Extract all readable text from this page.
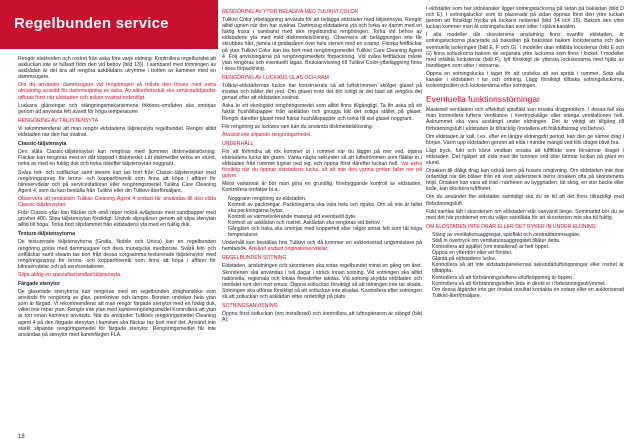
Regelbunden service

Rengör elektroden och rostret från aska före varje eldning. Kontrollera regelbundet att askluckan inte är fullsatt (töm den vid behov (bild 13)). I samband med tömningen av askbådan är det bra att rengöra askbådans utrymme i botten av kaminen med en dammsugare.

Om du använder dammsugare vid rengöringen så måste den förses med extra utrustning avsedd för dammsugning av aska. Av säkerhetsskäl ska servicesådgärder utföras först när eldstaden och askan svalnat ordentligt.

Luckans glänsingar och stängningsmekanismens friktions-områden ska smörjas genom att använda fett avsett för höga temperaturer.

RENGÖRING AV TÄLJSTENSYTA

Vi rekommenderar att man rengör eldstadens täljstensyta regelbundet. Rengör alltid eldstaden när den har svalnat.

Classic-täljstensyta

Den släta Classic-täljstensytan kan rengöras med ljummen diskmedelslösning. Fläckar kan rengöras med en dåt doppad i diskmedel. Låt diskmedlet verka en stund, torka av med en fuktig duk och torka därefter täljstensytan noggrant.

Svåra fett- och sotfläckar samt stearin kan tas bort från Classic-täljstensytan med rengöringsspray för brons- och kopparföremål som finns att köpa i affärer för bilreservdelar och på servicestationer eller rengöringsmedel Tulikivi Care Cleaning Agent 4, som du kan beställa från Tulikivi eller din Tulikivi-återförsäljare.

Observera att produkten Tulikivi Cleaning Agent 4 endast får användas till den släta Classic-täljstensytan.

Från Classic-ytan kan fläckar och små repor också avlägsnas med sandpapper med grovhet 400. Slipa täljstensytan försiktigt. Undvik slipspårser genom att slipa stenytan alltid till höga. Torka bort slipdammet från eldstadens yta med en fuktig duk.

Texture-täljstensytorna

De texturerade täljstensytorna (Grafia, Nobile och Unica) kan en regelbunden rengöring göras med dammsugare och dess munstycke medborste. Svårå fett- och sotfläckar samt stearin tas bort från dessa sorgsamma texturerade täljstensytor med rengöringsspray för brons- och kopparföremål som finns att köpa i affärer för bilreservdelar och på servicestationer.

Slipa aldrig en specialbehandlad täljstensyta.

Färgade stenytor

De glaserade stenytorna kan rengöras med en regelbunden dräghandske som används för rengöring av glas, pennknivar och lampor. Borsten undviker hela ytan som är färgad. Vi rekommenderar att man rengör färgade stenytor med en fuktig duk, vilket inte repar ytan. Rengör inte ytan med kaminrengöringsmedel Kontrollera att ytan är torr innan kaminen används. När du använder Tulikivis rengöringsmedel Cleaning agent 4 på den färgade stenytan i kaminen ska fläckar tas bort med det. Använd inte starkt slipande rengöringsmedel för färgade stenytor. Rengöringsmedlet får inte användas på stenytor med kaminfärgen FLA.

RENGÖRING AV YTOR BELAGDA MED TULIKIVI COLOR

Tulikivi Color ytbeläggning används för att belägga eldstäder med täljstensyta. Rengör alltid ugnen när den har svalnat. Dammsug eldstadens yta och torka av damm med en fuktig trasa i samband med den regelbundna rengöringen. Torka vid behov av eldstadens yta med mild diskmedelslösning. Observera att beläggningen inte får skrubbas hårt, jämna ut gnidspåren över hela stenen med en svamp. Färska fettfläckar på ytan Tulikivi Color kan tas bort med rengöringsmedlet Tulikivi Care Cleaning Agent 4. Följ anvisningarna på rengöringsmedlets förpackning. Vid svåra fettfläckar måste ytan rengöras och eventuellt lagas. Bruksanvisning till Tulikivi Color-ytbeläggning finns i dess förpackning.

RENGÖRING AV LUCKANS GLAS OCH RAM

Tulikivi-eldstädernas luckor har konstruerats så att luftströmmen skölger glaset på insidan och håller det rent. Om glaset trots det blir sotigt är det bäst att rengöra det genast efter att eldstaden svalnat.

Aska är ett ekologiskt rengöringsmedel som alltid finns tillgängligt. Ta fin aska på ett fuktat hushållspapper från asklådan och gnugga lätt det sotiga stället på glaset. Rengör därefter glaset med fuktat hushållspapper och torka till sist glaset noggrant.

För rengöring av luckans ram kan du använda diskmedelslösning.

Använd inte slipande rengöringsmedel.

UNDERHÅLL

För att förhindra att rök kommer ut i rummet när du lägger på mer ved, öppna eldstadens lucka lite grann. Vänta några sekunder så att luftströmmen som fläktar in i eldstaden från rummet lugnar ned sig, och öppna först därefter luckan helt. Var extra försiktig när du öppnar eldstadens lucka, så att inte den varma gröten faller ner på golvet.

Minst vartannat år bör man göra en grundlig, förebyggande kontroll av eldstaden. Kontrollera omfattar bl.a.:

• Noggrann rengöring av eldstaden.
• Kontroll av packningar. Packningarna ska vara hela och mjuka. Om så inte är fallet ska packningarna bytas.
• Kontroll av värmeisolerande material vid eventuellt byte.
• Kontroll av asklådan och rostret. Asklådan ska rengöras vid behov.
• Gånglärn och haka ska smörjas med kopparfett eller något annat fett som tål höga temperaturer.

Underhåll kan beställas hos Tulikivi och då kommer en auktoriserad ungsmästare på hembesök. Använd endast originalreservdelar.

REGELBUNDEN SOTNING

Eldstaden, anslutningen och skorstenen ska sotas regelbundet minst en gång om året. Skorstenen ska användas i två dagar i sträck innan sotning. Vid sotningen ska alltid nationella, regionala och lokala föreskrifter iakttas. Vid sotning skydda eldstaden och området runt den mot smuts. Öppna sotluckan försiktigt så att tätningen inte tar skada. Sotningen ska utföras försiktigt så att sotluckan inte skadas. Kontrollera efter sotningen så att sotluckan och asklådan sitter ordentligt på plats.

SOTNINGSANVISNING

Öppna först sotluckan (om installerad) och kontrollera att luftregleraren är stängd (bild A).

I eldstäder som har sidokanaler ligger sotningsluckorna på sidan på baksidan (bild D och E). I sotningsluckor som är placerade på sidan öppnas först den yttre luckan genom att försiktigt trycka på luckans nederdel (bild 14 och 15). Bakom den yttre luckan kommer man åt sotningsluckan som sitter i själva kanalen.

I alla modeller där skorstenens anslutning finns ovanför eldstaden, är sotningsluckorna placerade på baksidan på baksidan bakom lockstenarna och den eventuella isoleringen (bild E, F och G). I modeller utan infällda lockstenar (bild E och G) finns sotluckorna bakom de separata yttre luckorna som finns i locket. I modeller med infällda lockstenar (bild F), lyft försiktigt de yttersta lockstenarna med hjälp av handtagen som sitter i stenarna.

Öppna en sotningslucka i taget för att undvika att sot sprids i rummet. Sota alla kanaler i eldstaden i tur och ordning. Lägg försiktigt tillbaka sotningsluckorna, isoleringsullen och lockstenarna efter sotningen.

Eventuella funktionsstörningar

Maskinell ventilation och effektfull spisfläkt kan orsaka dragproblem. I dessa fall ska man kontrollera luftens ventilation i övertryckslåge eller stänga ventilationen helt. Askrummet ska vara avstängd under eldningen. Det är viktigt att tillgång till förbränningsluft i eldstaden är tillräcklig (installera ett friskluftsintag vid behov).

Om eldstaden är kall, t.ex. efter en längre eldningsfri period, kan den ge sämre drag i början. Värm upp eldstaden genom att elda i mindre mängd ved tills draget blivit bra.

Lågt tryck, fukt och kärvt vindkan orsaka att luftflöde som försämrar draget i eldstaden. Det hjälper att elda med lite tunnare ved eller lämnar luckan på glänt en stund.

Orsaken till dåligt drag kan också bero på husets omgivning. Om eldstaden inte drar ordentligt när det blåser från ett visst väderstreck beror orsaken ofta på skorstenens höjd. Orsaken kan vara att träd i närheten av byggnaden, tät skog, en stor backe eller kulle, kan blockera luftflödet.

Om du använder fler eldstäder samtidigt ska du se till att det finns tillräckligt med förbränningsluft.

Fukt samlas lätt i skorstenen om eldstaden står oanvänd länge. Sommartid bör du se med det här problemet om du väljer sandlåda för att skorstenen inte ska bli fuktig.

OM ELDSTADEN INTE DRAR ELLER DET RYKER IN UNDER ELDNING

• Stäng av ventilationsaggregat, spisfläkt och centraldammsugare.
• Ställ in övertryck om ventilationsaggregatet tillåter detta.
• Kontrollera att spjället (om installerat) är helt öppet.
• Öppna en ytterdörr eller ett fönster.
• Gläntä på eldstadens lucka.
• Kontrollera så att inte eldstadspanelernas sekundärluftsöppningar eller rostret är tilltäppta.
• Kontrollera så att förbränningsluftens inluftsöppning är öppen.
• Kontrollera så att förbränningsluften leds in direkt in i förbränningsutrymmet.
• Om dessa åtgärder inte ger önskat resultat kontakta en sotare eller en auktoriserad Tulikivi-återförsäljare.
18
